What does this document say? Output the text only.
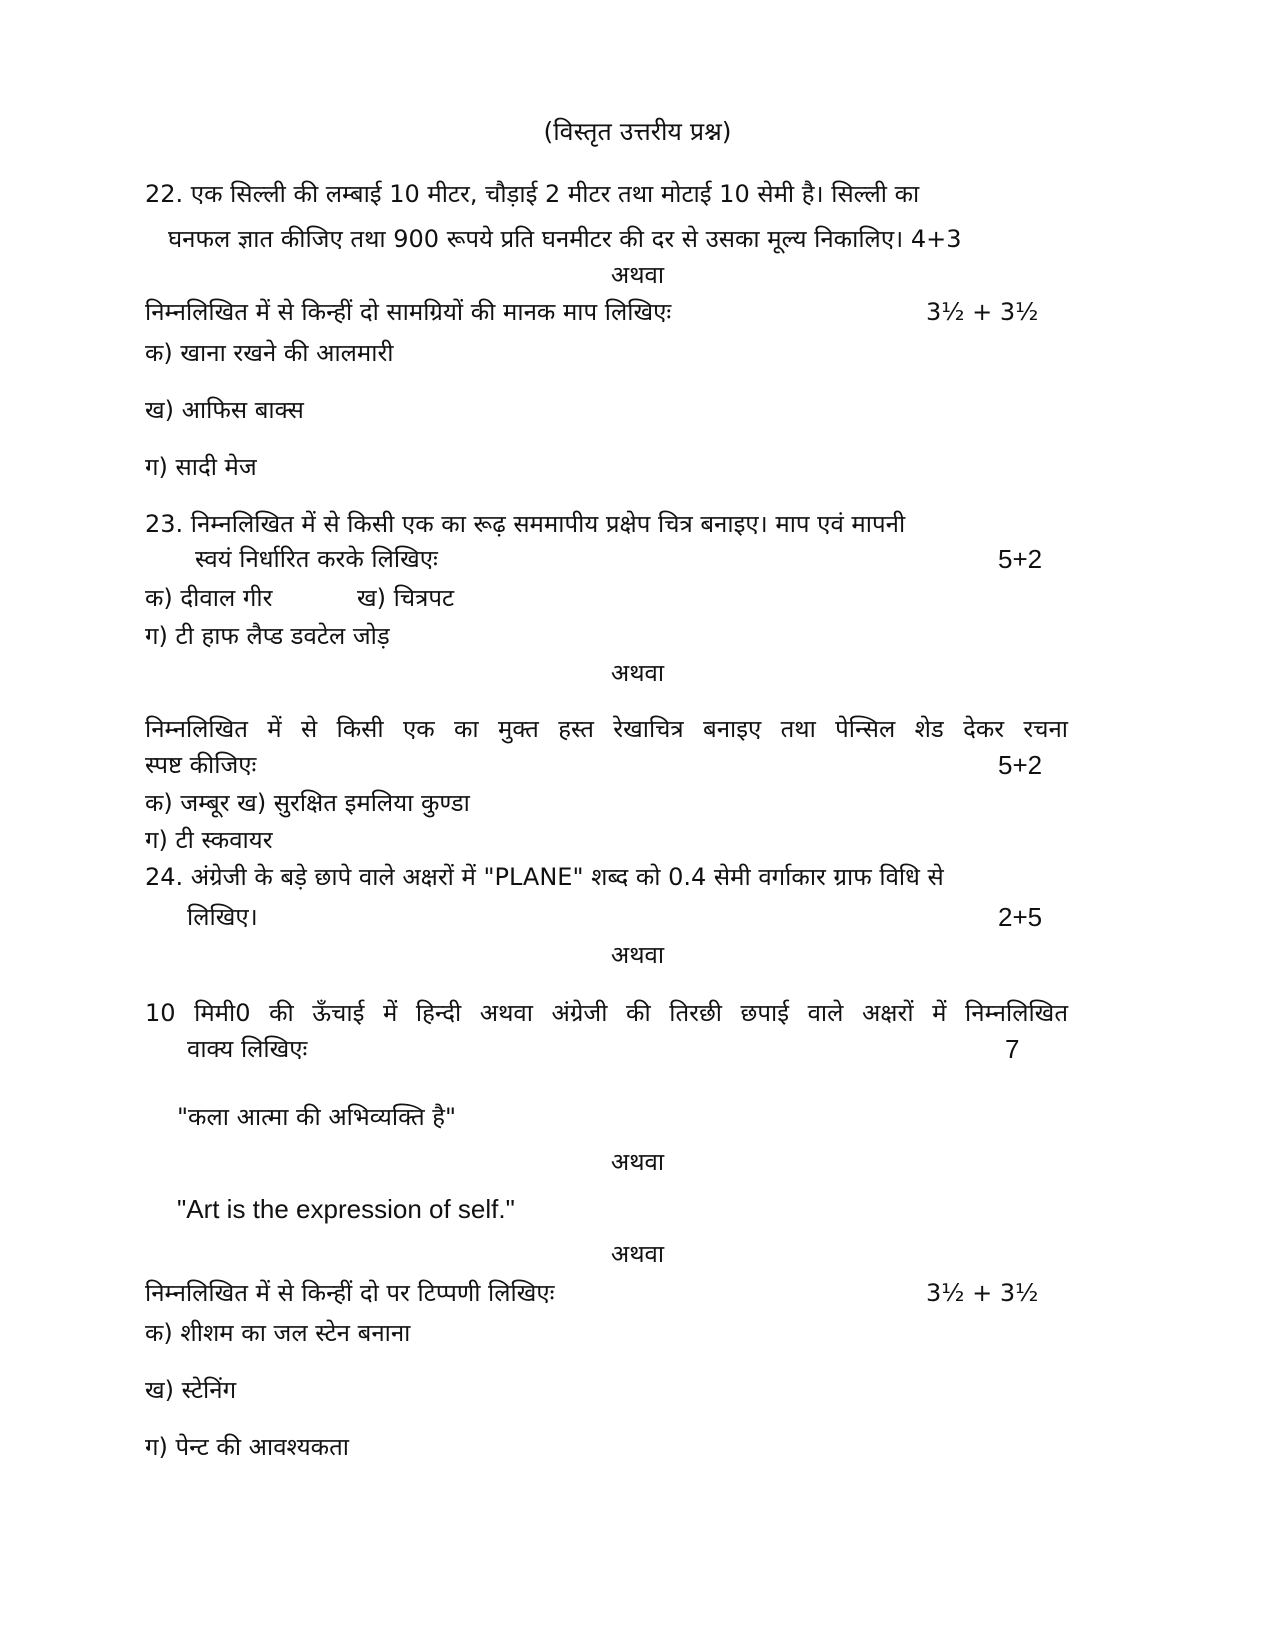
(विस्तृत उत्तरीय प्रश्न)
22. एक सिल्ली की लम्बाई 10 मीटर, चौड़ाई 2 मीटर तथा मोटाई 10 सेमी है। सिल्ली का
घनफल ज्ञात कीजिए तथा 900 रूपये प्रति घनमीटर की दर से उसका मूल्य निकालिए। 4+3
अथवा
निम्नलिखित में से किन्हीं दो सामग्रियों की मानक माप लिखिएः	3½ + 3½
क) खाना रखने की आलमारी
ख) आफिस बाक्स
ग) सादी मेज
23. निम्नलिखित में से किसी एक का रूढ़ सममापीय प्रक्षेप चित्र बनाइए। माप एवं मापनी
स्वयं निर्धारित करके लिखिएः	5+2
क) दीवाल गीर	ख) चित्रपट
ग) टी हाफ लैप्ड डवटेल जोड़
अथवा
निम्नलिखित में से किसी एक का मुक्त हस्त रेखाचित्र बनाइए तथा पेन्सिल शेड देकर रचना
स्पष्ट कीजिएः	5+2
क) जम्बूर ख) सुरक्षित इमलिया कुण्डा
ग) टी स्कवायर
24. अंग्रेजी के बड़े छापे वाले अक्षरों में "PLANE" शब्द को 0.4 सेमी वर्गाकार ग्राफ विधि से
लिखिए।	2+5
अथवा
10 मिमी0 की ऊँचाई में हिन्दी अथवा अंग्रेजी की तिरछी छपाई वाले अक्षरों में निम्नलिखित
वाक्य लिखिएः	7
"कला आत्मा की अभिव्यक्ति है"
अथवा
"Art is the expression of self."
अथवा
निम्नलिखित में से किन्हीं दो पर टिप्पणी लिखिएः	3½ + 3½
क) शीशम का जल स्टेन बनाना
ख) स्टेनिंग
ग) पेन्ट की आवश्यकता
